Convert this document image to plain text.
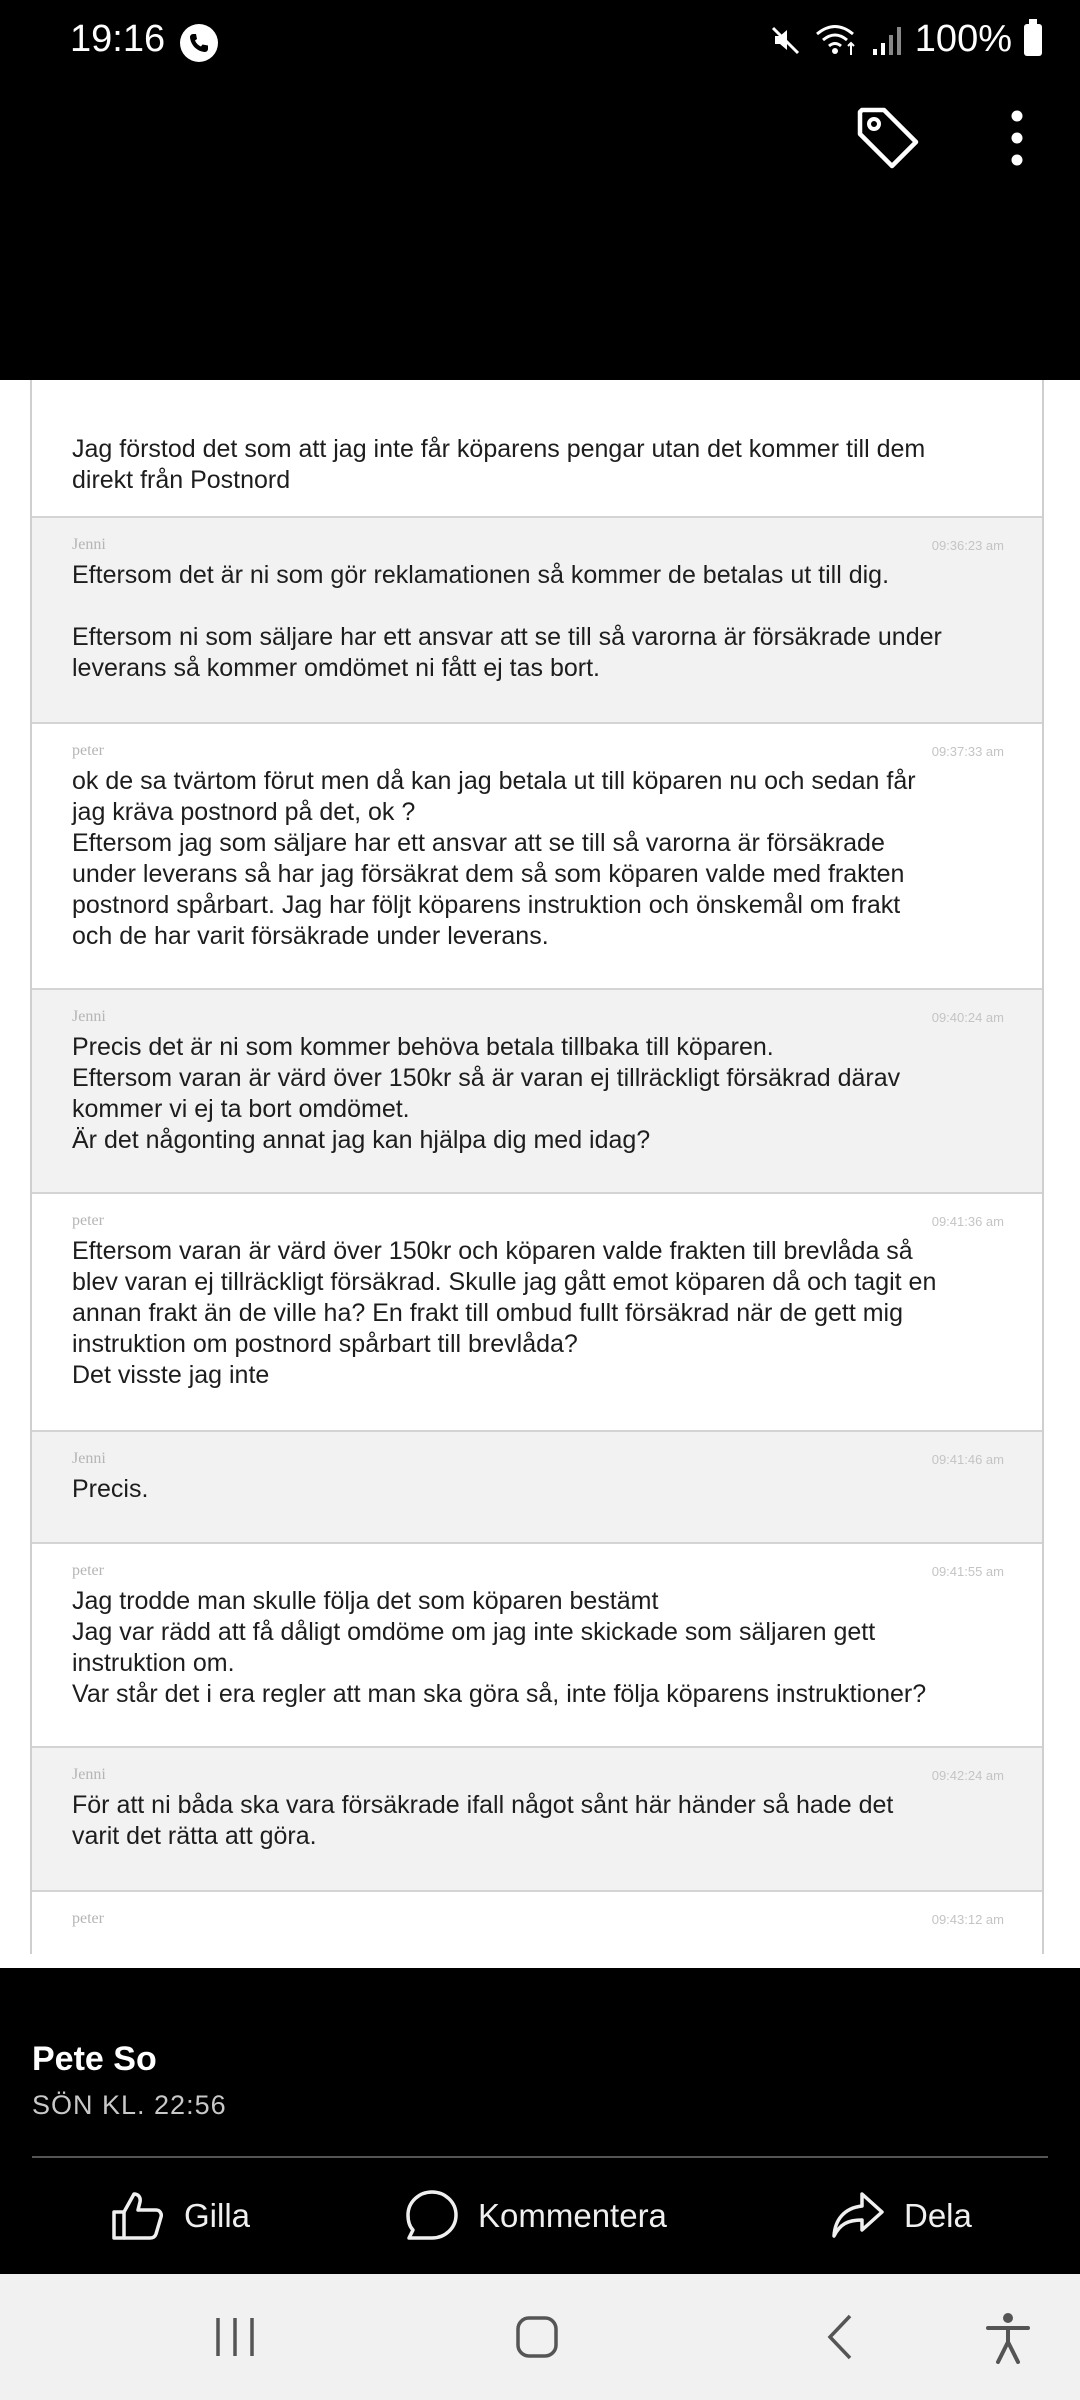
19:16	100%
Jag förstod det som att jag inte får köparens pengar utan det kommer till dem
direkt från Postnord
Jenni	09:36:23 am
Eftersom det är ni som gör reklamationen så kommer de betalas ut till dig.

Eftersom ni som säljare har ett ansvar att se till så varorna är försäkrade under
leverans så kommer omdömet ni fått ej tas bort.
peter	09:37:33 am
ok de sa tvärtom förut men då kan jag betala ut till köparen nu och sedan får
jag kräva postnord på det, ok ?
Eftersom jag som säljare har ett ansvar att se till så varorna är försäkrade
under leverans så har jag försäkrat dem så som köparen valde med frakten
postnord spårbart. Jag har följt köparens instruktion och önskemål om frakt
och de har varit försäkrade under leverans.
Jenni	09:40:24 am
Precis det är ni som kommer behöva betala tillbaka till köparen.
Eftersom varan är värd över 150kr så är varan ej tillräckligt försäkrad därav
kommer vi ej ta bort omdömet.
Är det någonting annat jag kan hjälpa dig med idag?
peter	09:41:36 am
Eftersom varan är värd över 150kr och köparen valde frakten till brevlåda så
blev varan ej tillräckligt försäkrad. Skulle jag gått emot köparen då och tagit en
annan frakt än de ville ha? En frakt till ombud fullt försäkrad när de gett mig
instruktion om postnord spårbart till brevlåda?
Det visste jag inte
Jenni	09:41:46 am
Precis.
peter	09:41:55 am
Jag trodde man skulle följa det som köparen bestämt
Jag var rädd att få dåligt omdöme om jag inte skickade som säljaren gett
instruktion om.
Var står det i era regler att man ska göra så, inte följa köparens instruktioner?
Jenni	09:42:24 am
För att ni båda ska vara försäkrade ifall något sånt här händer så hade det
varit det rätta att göra.
peter	09:43:12 am
Pete So
SÖN KL. 22:56
Gilla	Kommentera	Dela
